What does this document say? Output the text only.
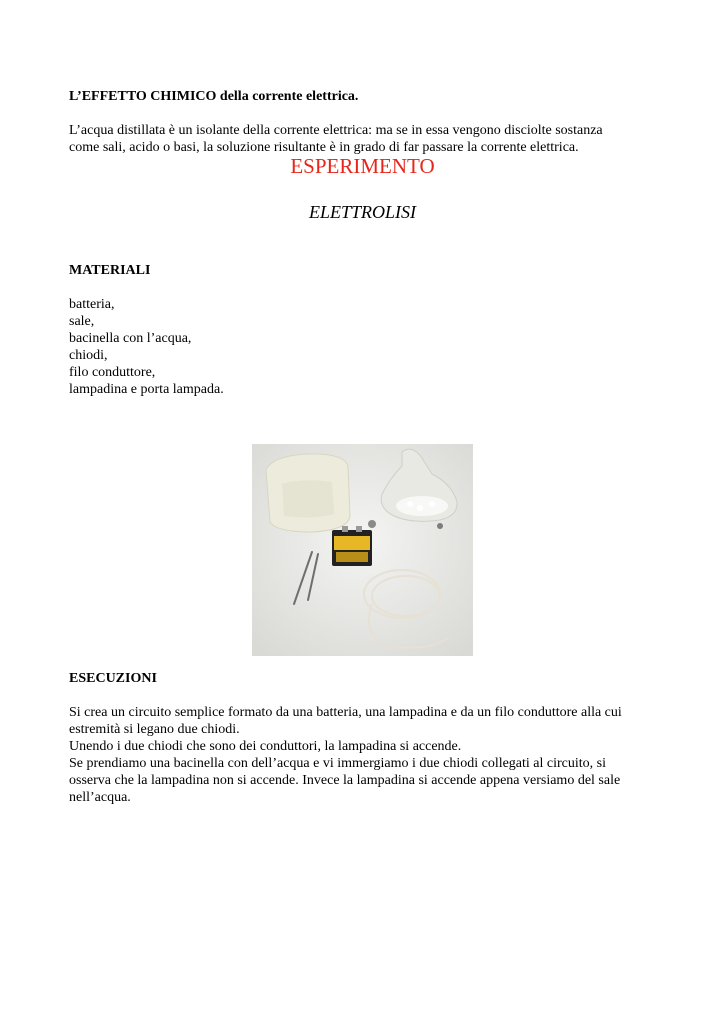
L’EFFETTO CHIMICO della corrente elettrica.

L’acqua distillata è un isolante della corrente elettrica: ma se in essa vengono disciolte sostanza

come sali, acido o basi, la soluzione risultante è in grado di far passare la corrente elettrica.

ESPERIMENTO

ELETTROLISI

MATERIALI

batteria,
sale,
bacinella con l’acqua,
chiodi,
filo conduttore,
lampadina e porta lampada.

ESECUZIONI

Si crea un circuito semplice formato da una batteria, una lampadina e da un filo conduttore alla cui

estremità si legano due chiodi.

Unendo i due chiodi che sono dei conduttori, la lampadina si accende.

Se prendiamo una bacinella con dell’acqua e vi immergiamo i due chiodi collegati al circuito, si

osserva che la lampadina non si accende. Invece la lampadina si accende appena versiamo del sale

nell’acqua.
